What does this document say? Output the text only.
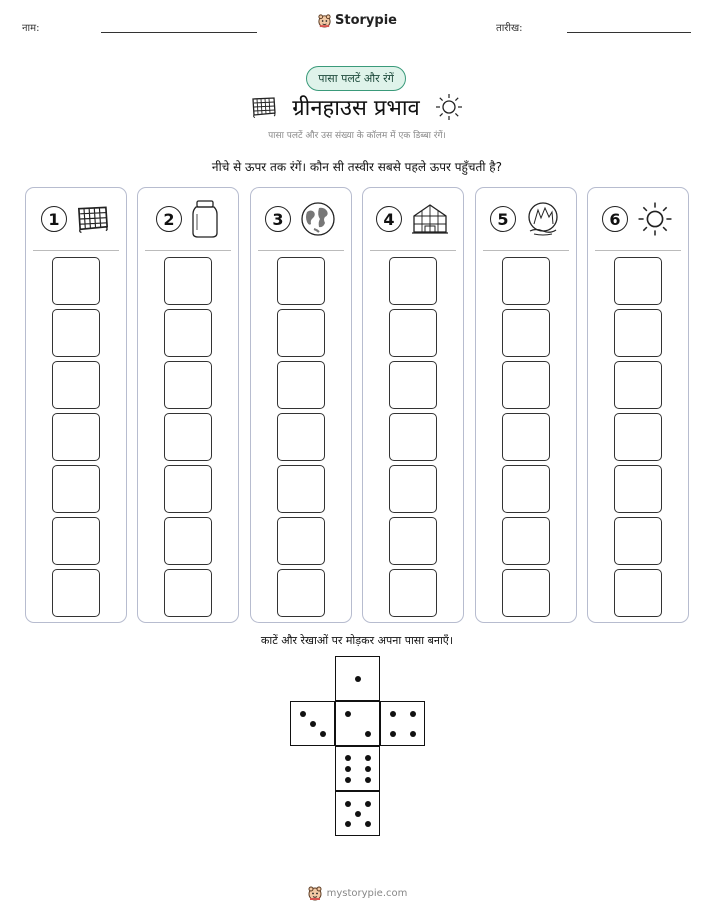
नाम:
Storypie
तारीख:
पासा पलटें और रंगें
ग्रीनहाउस प्रभाव
पासा पलटें और उस संख्या के कॉलम में एक डिब्बा रंगें।
नीचे से ऊपर तक रंगें। कौन सी तस्वीर सबसे पहले ऊपर पहुँचती है?
1	2	3	4	5	6
काटें और रेखाओं पर मोड़कर अपना पासा बनाएँ।
mystorypie.com
